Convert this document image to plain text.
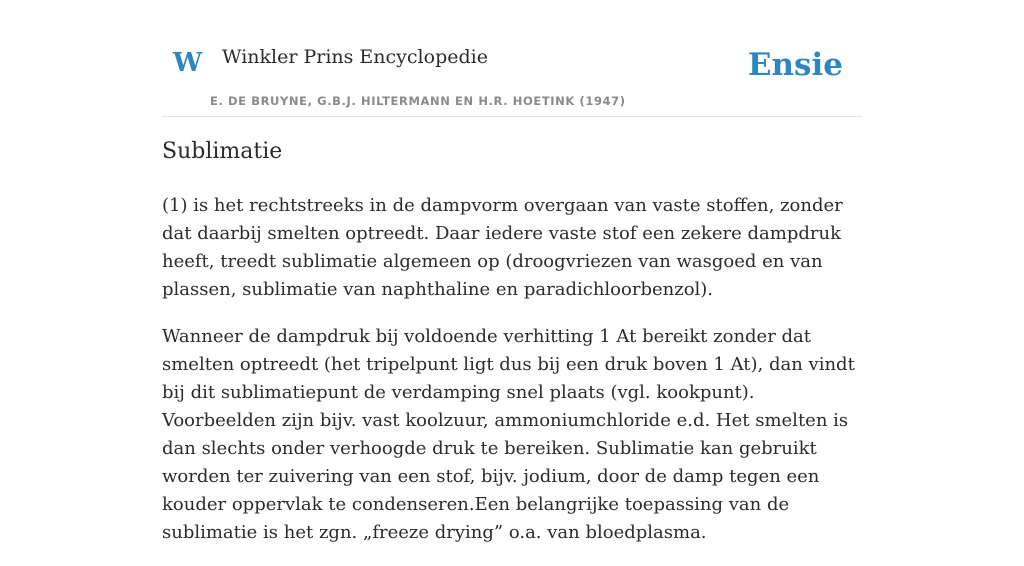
W Winkler Prins Encyclopedie
E. DE BRUYNE, G.B.J. HILTERMANN EN H.R. HOETINK (1947)
Ensie
Sublimatie

(1) is het rechtstreeks in de dampvorm overgaan van vaste stoffen, zonder dat daarbij smelten optreedt. Daar iedere vaste stof een zekere dampdruk heeft, treedt sublimatie algemeen op (droogvriezen van wasgoed en van plassen, sublimatie van naphthaline en paradichloorbenzol).

Wanneer de dampdruk bij voldoende verhitting 1 At bereikt zonder dat smelten optreedt (het tripelpunt ligt dus bij een druk boven 1 At), dan vindt bij dit sublimatiepunt de verdamping snel plaats (vgl. kookpunt). Voorbeelden zijn bijv. vast koolzuur, ammoniumchloride e.d. Het smelten is dan slechts onder verhoogde druk te bereiken. Sublimatie kan gebruikt worden ter zuivering van een stof, bijv. jodium, door de damp tegen een kouder oppervlak te condenseren.Een belangrijke toepassing van de sublimatie is het zgn. „freeze drying” o.a. van bloedplasma.
